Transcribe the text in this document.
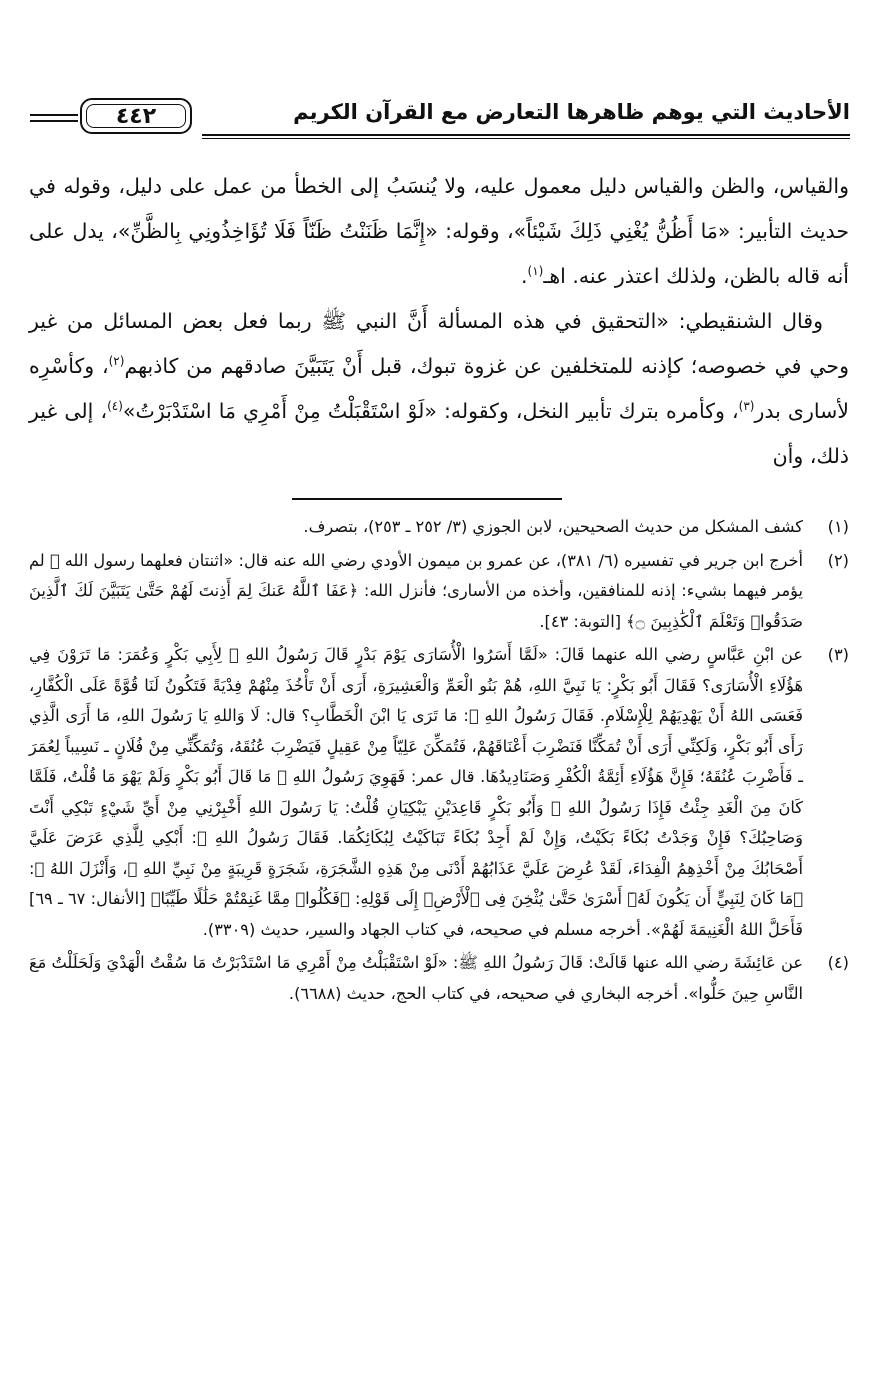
الأحاديث التي يوهم ظاهرها التعارض مع القرآن الكريم
٤٤٢

والقياس، والظن والقياس دليل معمول عليه، ولا يُنسَبُ إلى الخطأ من عمل على دليل، وقوله في حديث التأبير: «مَا أَظُنُّ يُغْنِي ذَلِكَ شَيْئاً»، وقوله: «إِنَّمَا ظَنَنْتُ ظَنّاً فَلَا تُؤَاخِذُونِي بِالظَّنِّ»، يدل على أنه قاله بالظن، ولذلك اعتذر عنه. اهـ$^{(١)}$.

وقال الشنقيطي: «التحقيق في هذه المسألة أَنَّ النبي ﷺ ربما فعل بعض المسائل من غير وحي في خصوصه؛ كإذنه للمتخلفين عن غزوة تبوك، قبل أَنْ يَتَبَيَّنَ صادقهم من كاذبهم$^{(٢)}$، وكأسْرِه لأسارى بدر$^{(٣)}$، وكأمره بترك تأبير النخل، وكقوله: «لَوْ اسْتَقْبَلْتُ مِنْ أَمْرِي مَا اسْتَدْبَرْتُ»$^{(٤)}$، إلى غير ذلك، وأن

(١)
كشف المشكل من حديث الصحيحين، لابن الجوزي (٣/ ٢٥٢ ـ ٢٥٣)، بتصرف.
(٢)
أخرج ابن جرير في تفسيره (٦/ ٣٨١)، عن عمرو بن ميمون الأودي رضي الله عنه قال: «اثنتان فعلهما رسول الله ﷺ لم يؤمر فيهما بشيء: إذنه للمنافقين، وأخذه من الأسارى؛ فأنزل الله: ﴿عَفَا ٱللَّهُ عَنكَ لِمَ أَذِنتَ لَهُمْ حَتَّىٰ يَتَبَيَّنَ لَكَ ٱلَّذِينَ صَدَقُوا۟ وَتَعْلَمَ ٱلْكَٰذِبِينَ ۝﴾ [التوبة: ٤٣].
(٣)
عن ابْنِ عَبَّاسٍ رضي الله عنهما قَالَ: «لَمَّا أَسَرُوا الْأُسَارَى يَوْمَ بَدْرٍ قَالَ رَسُولُ اللهِ ﷺ لِأَبِي بَكْرٍ وَعُمَرَ: مَا تَرَوْنَ فِي هَؤُلَاءِ الْأُسَارَى؟ فَقَالَ أَبُو بَكْرٍ: يَا نَبِيَّ اللهِ، هُمْ بَنُو الْعَمِّ وَالْعَشِيرَةِ، أَرَى أَنْ تَأْخُذَ مِنْهُمْ فِدْيَةً فَتَكُونُ لَنَا قُوَّةً عَلَى الْكُفَّارِ، فَعَسَى اللهُ أَنْ يَهْدِيَهُمْ لِلْإِسْلَامِ. فَقَالَ رَسُولُ اللهِ ﷺ: مَا تَرَى يَا ابْنَ الْخَطَّابِ؟ قال: لَا وَاللهِ يَا رَسُولَ اللهِ، مَا أَرَى الَّذِي رَأَى أَبُو بَكْرٍ، وَلَكِنِّي أَرَى أَنْ تُمَكِّنَّا فَنَضْرِبَ أَعْنَاقَهُمْ، فَتُمَكِّنَ عَلِيّاً مِنْ عَقِيلٍ فَيَضْرِبَ عُنُقَهُ، وَتُمَكِّنِّي مِنْ فُلَانٍ ـ نَسِيباً لِعُمَرَ ـ فَأَضْرِبَ عُنُقَهُ؛ فَإِنَّ هَؤُلَاءِ أَئِمَّةُ الْكُفْرِ وَصَنَادِيدُهَا. قال عمر: فَهَوِيَ رَسُولُ اللهِ ﷺ مَا قَالَ أَبُو بَكْرٍ وَلَمْ يَهْوَ مَا قُلْتُ، فَلَمَّا كَانَ مِنَ الْغَدِ جِئْتُ فَإِذَا رَسُولُ اللهِ ﷺ وَأَبُو بَكْرٍ قَاعِدَيْنِ يَبْكِيَانِ قُلْتُ: يَا رَسُولَ اللهِ أَخْبِرْنِي مِنْ أَيِّ شَيْءٍ تَبْكِي أَنْتَ وَصَاحِبُكَ؟ فَإِنْ وَجَدْتُ بُكَاءً بَكَيْتُ، وَإِنْ لَمْ أَجِدْ بُكَاءً تَبَاكَيْتُ لِبُكَائِكُمَا. فَقَالَ رَسُولُ اللهِ ﷺ: أَبْكِي لِلَّذِي عَرَضَ عَلَيَّ أَصْحَابُكَ مِنْ أَخْذِهِمُ الْفِدَاءَ، لَقَدْ عُرِضَ عَلَيَّ عَذَابُهُمْ أَدْنَى مِنْ هَذِهِ الشَّجَرَةِ، شَجَرَةٍ قَرِيبَةٍ مِنْ نَبِيِّ اللهِ ﷺ، وَأَنْزَلَ اللهُ ﷻ: ﴿مَا كَانَ لِنَبِيٍّ أَن يَكُونَ لَهُۥٓ أَسْرَىٰ حَتَّىٰ يُثْخِنَ فِى ٱلْأَرْضِ﴾ إِلَى قَوْلِهِ: ﴿فَكُلُوا۟ مِمَّا غَنِمْتُمْ حَلَٰلًا طَيِّبًا﴾ [الأنفال: ٦٧ ـ ٦٩] فَأَحَلَّ اللهُ الْغَنِيمَةَ لَهُمْ». أخرجه مسلم في صحيحه، في كتاب الجهاد والسير، حديث (٣٣٠٩).
(٤)
عن عَائِشَةَ رضي الله عنها قَالَتْ: قَالَ رَسُولُ اللهِ ﷺ: «لَوْ اسْتَقْبَلْتُ مِنْ أَمْرِي مَا اسْتَدْبَرْتُ مَا سُقْتُ الْهَدْيَ وَلَحَلَلْتُ مَعَ النَّاسِ حِينَ حَلُّوا». أخرجه البخاري في صحيحه، في كتاب الحج، حديث (٦٦٨٨).
